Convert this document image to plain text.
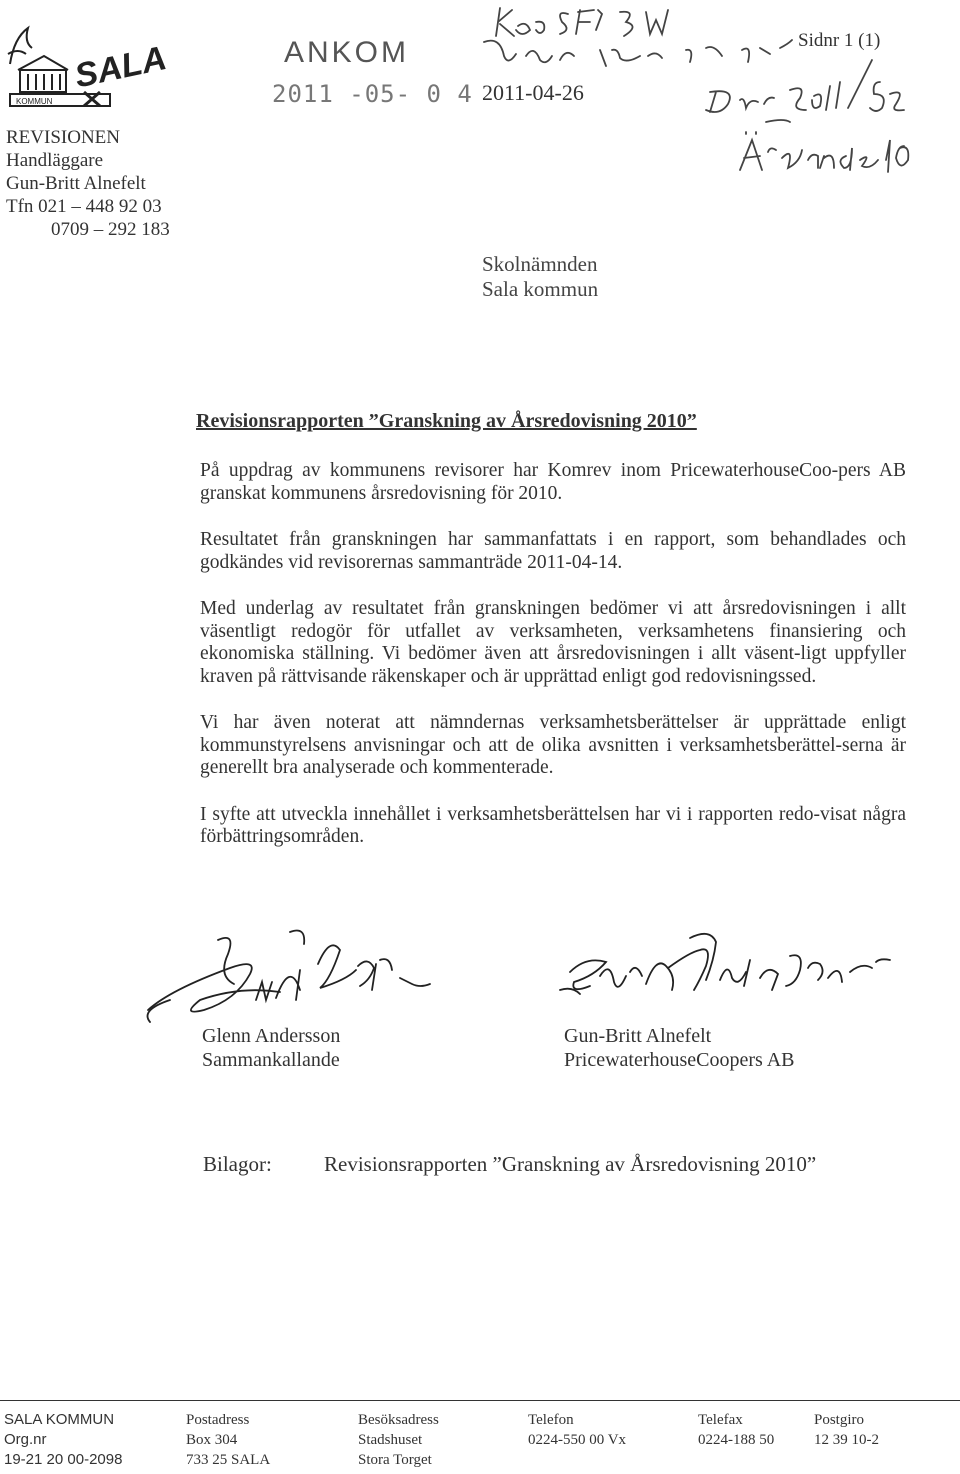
SALA
KOMMUN
REVISIONEN
Handläggare
Gun-Britt Alnefelt
Tfn 021 – 448 92 03
0709 – 292 183
ANKOM
2011 -05- 0 4 2011-04-26
Sidnr 1 (1)
Skolnämnden
Sala kommun
Revisionsrapporten ”Granskning av Årsredovisning 2010”

På uppdrag av kommunens revisorer har Komrev inom PricewaterhouseCoo-pers AB granskat kommunens årsredovisning för 2010.

Resultatet från granskningen har sammanfattats i en rapport, som behandlades och godkändes vid revisorernas sammanträde 2011-04-14.

Med underlag av resultatet från granskningen bedömer vi att årsredovisningen i allt väsentligt redogör för utfallet av verksamheten, verksamhetens finansiering och ekonomiska ställning. Vi bedömer även att årsredovisningen i allt väsent-ligt uppfyller kraven på rättvisande räkenskaper och är upprättad enligt god redovisningssed.

Vi har även noterat att nämndernas verksamhetsberättelser är upprättade enligt kommunstyrelsens anvisningar och att de olika avsnitten i verksamhetsberättel-serna är generellt bra analyserade och kommenterade.

I syfte att utveckla innehållet i verksamhetsberättelsen har vi i rapporten redo-visat några förbättringsområden.

Glenn Andersson
Sammankallande
Gun-Britt Alnefelt
PricewaterhouseCoopers AB
Bilagor: Revisionsrapporten ”Granskning av Årsredovisning 2010”
SALA KOMMUN
Org.nr
19-21 20 00-2098
Postadress
Box 304
733 25 SALA
Besöksadress
Stadshuset
Stora Torget
Telefon
0224-550 00 Vx
Telefax
0224-188 50
Postgiro
12 39 10-2
